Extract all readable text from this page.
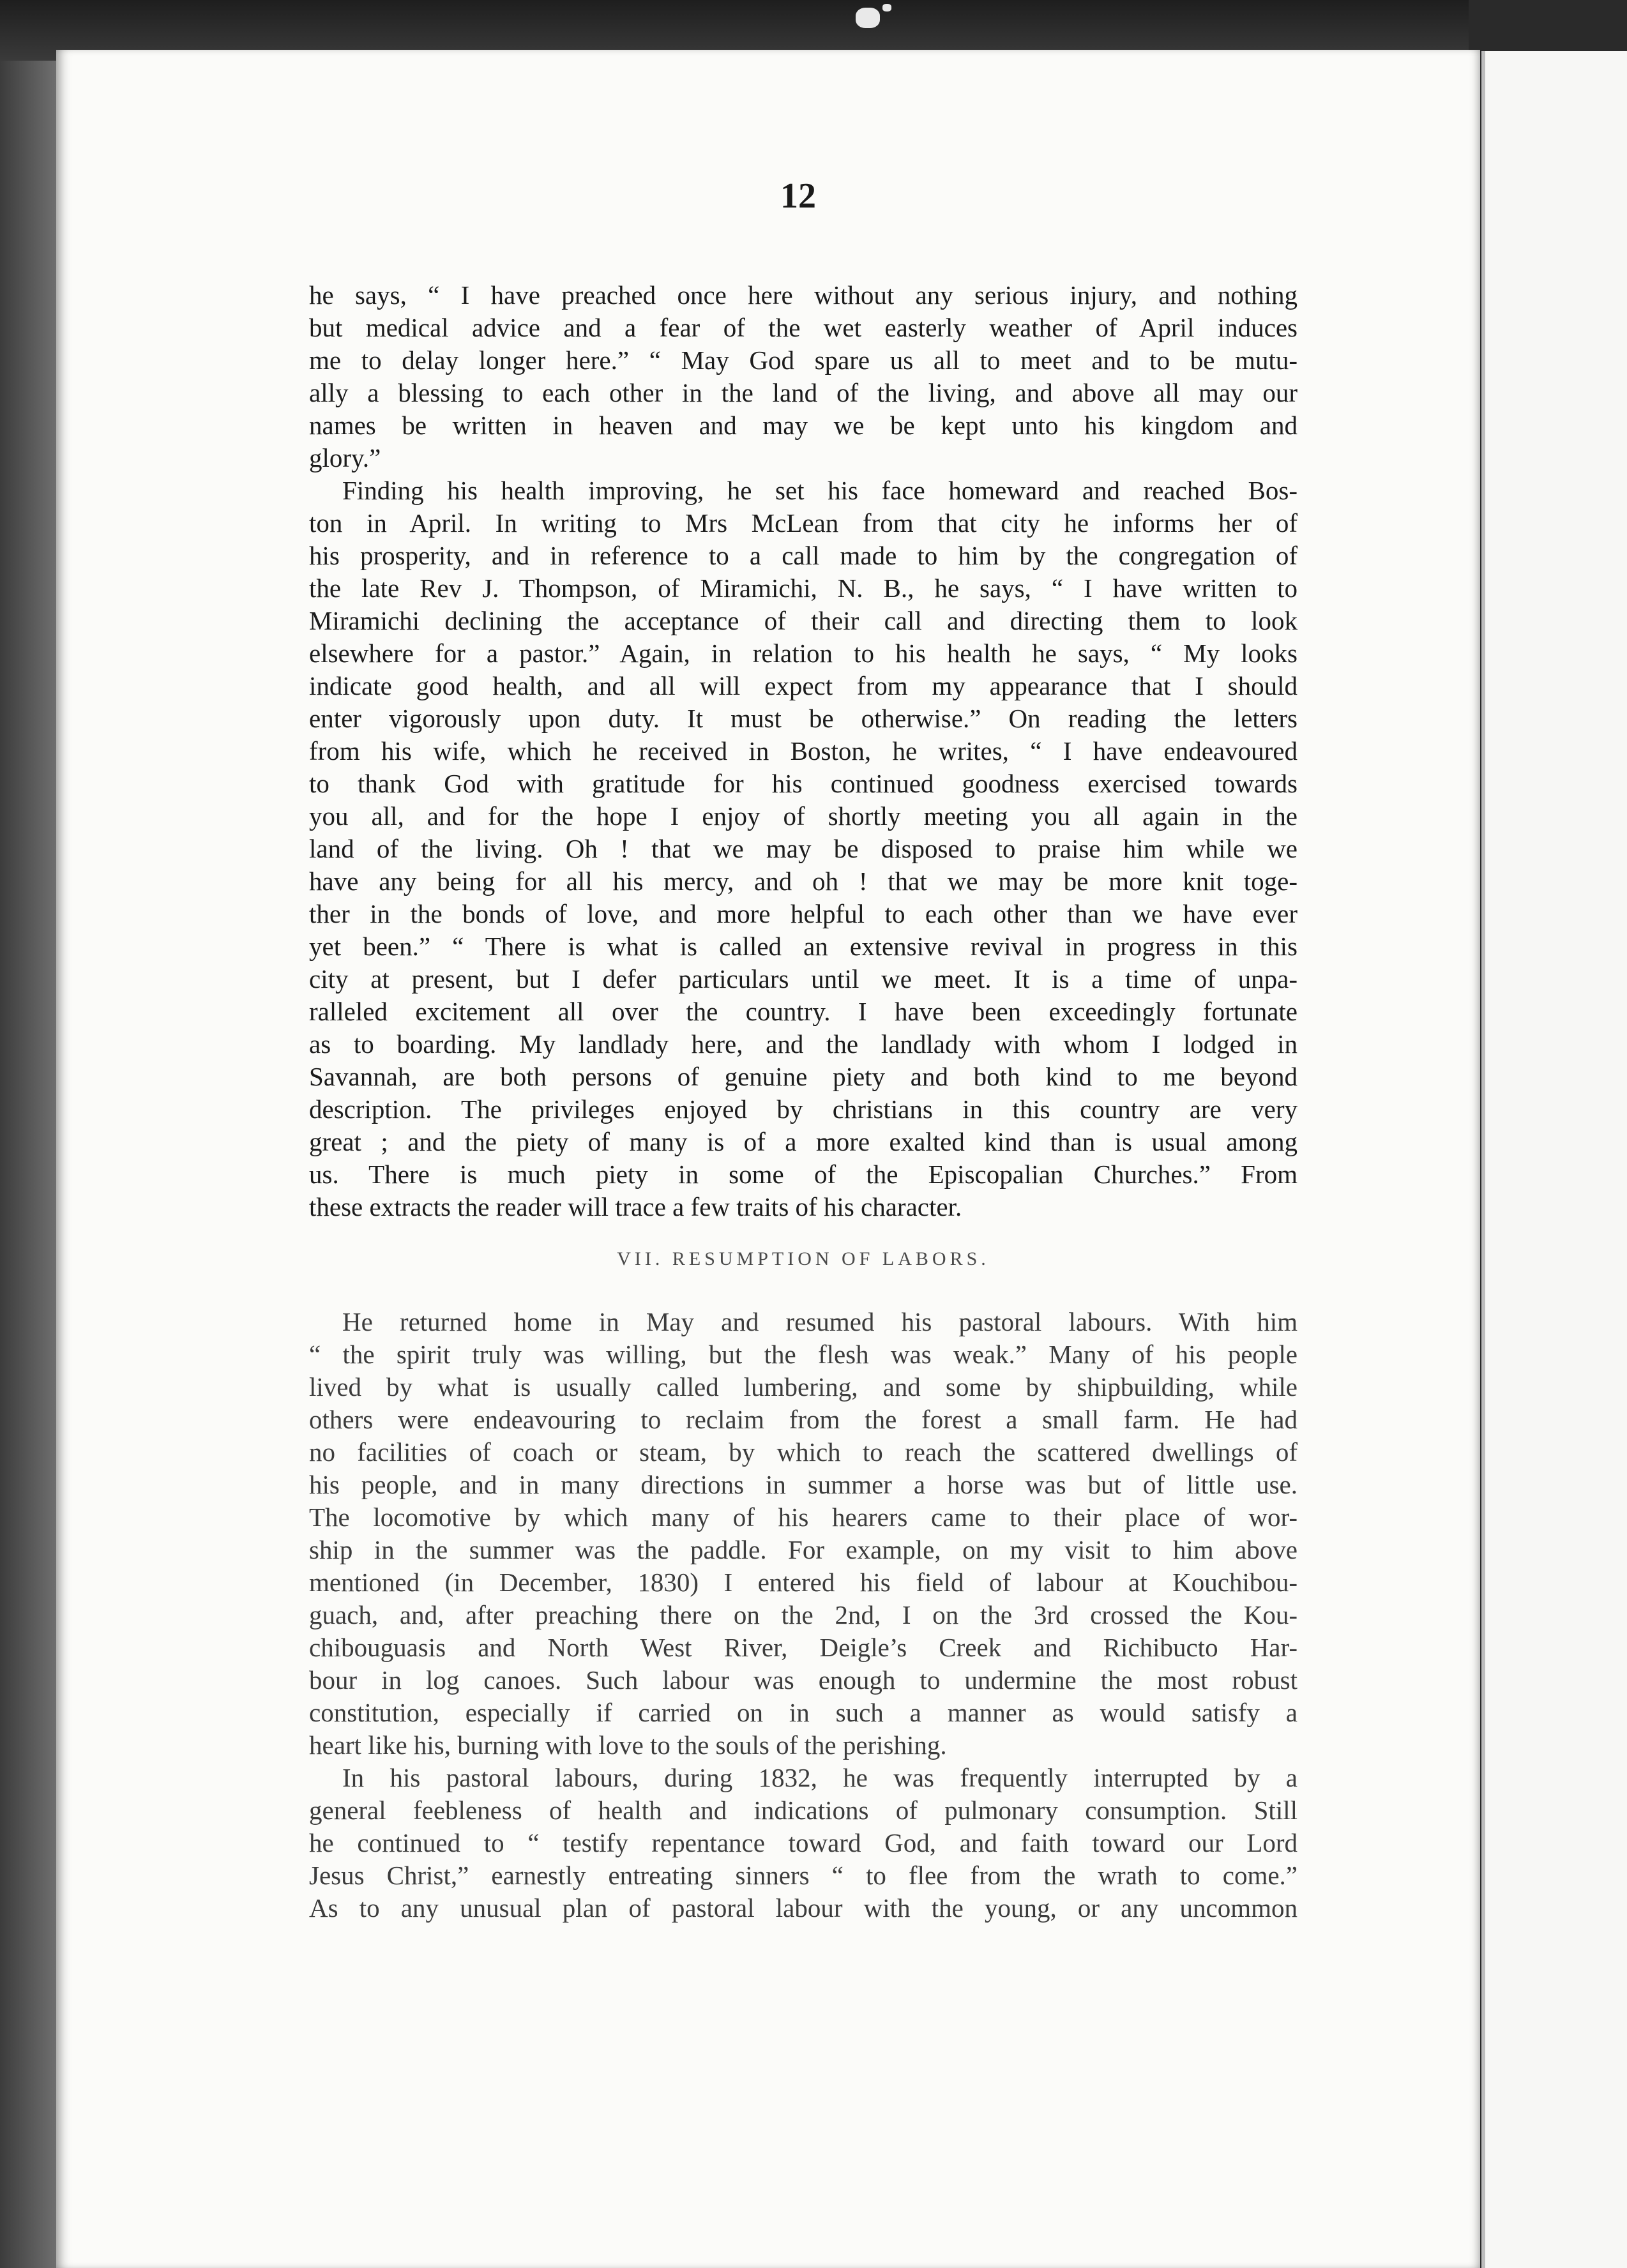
12
he says, “ I have preached once here without any serious injury, and nothing
but medical advice and a fear of the wet easterly weather of April induces
me to delay longer here.” “ May God spare us all to meet and to be mutu-
ally a blessing to each other in the land of the living, and above all may our
names be written in heaven and may we be kept unto his kingdom and
glory.”
Finding his health improving, he set his face homeward and reached Bos-
ton in April. In writing to Mrs McLean from that city he informs her of
his prosperity, and in reference to a call made to him by the congregation of
the late Rev J. Thompson, of Miramichi, N. B., he says, “ I have written to
Miramichi declining the acceptance of their call and directing them to look
elsewhere for a pastor.” Again, in relation to his health he says, “ My looks
indicate good health, and all will expect from my appearance that I should
enter vigorously upon duty. It must be otherwise.” On reading the letters
from his wife, which he received in Boston, he writes, “ I have endeavoured
to thank God with gratitude for his continued goodness exercised towards
you all, and for the hope I enjoy of shortly meeting you all again in the
land of the living. Oh ! that we may be disposed to praise him while we
have any being for all his mercy, and oh ! that we may be more knit toge-
ther in the bonds of love, and more helpful to each other than we have ever
yet been.” “ There is what is called an extensive revival in progress in this
city at present, but I defer particulars until we meet. It is a time of unpa-
ralleled excitement all over the country. I have been exceedingly fortunate
as to boarding. My landlady here, and the landlady with whom I lodged in
Savannah, are both persons of genuine piety and both kind to me beyond
description. The privileges enjoyed by christians in this country are very
great ; and the piety of many is of a more exalted kind than is usual among
us. There is much piety in some of the Episcopalian Churches.” From
these extracts the reader will trace a few traits of his character.
VII. RESUMPTION OF LABORS.
He returned home in May and resumed his pastoral labours. With him
“ the spirit truly was willing, but the flesh was weak.” Many of his people
lived by what is usually called lumbering, and some by shipbuilding, while
others were endeavouring to reclaim from the forest a small farm. He had
no facilities of coach or steam, by which to reach the scattered dwellings of
his people, and in many directions in summer a horse was but of little use.
The locomotive by which many of his hearers came to their place of wor-
ship in the summer was the paddle. For example, on my visit to him above
mentioned (in December, 1830) I entered his field of labour at Kouchibou-
guach, and, after preaching there on the 2nd, I on the 3rd crossed the Kou-
chibouguasis and North West River, Deigle’s Creek and Richibucto Har-
bour in log canoes. Such labour was enough to undermine the most robust
constitution, especially if carried on in such a manner as would satisfy a
heart like his, burning with love to the souls of the perishing.
In his pastoral labours, during 1832, he was frequently interrupted by a
general feebleness of health and indications of pulmonary consumption. Still
he continued to “ testify repentance toward God, and faith toward our Lord
Jesus Christ,” earnestly entreating sinners “ to flee from the wrath to come.”
As to any unusual plan of pastoral labour with the young, or any uncommon
